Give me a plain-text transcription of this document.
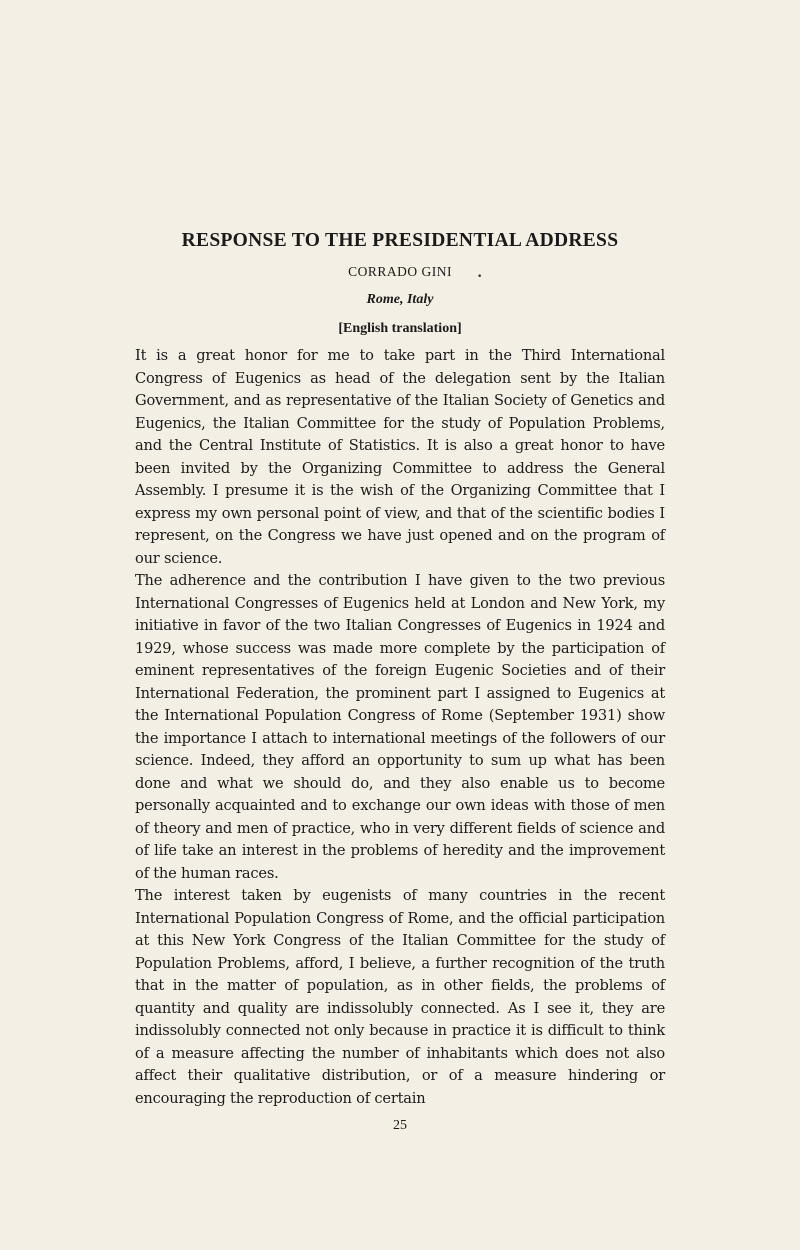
RESPONSE TO THE PRESIDENTIAL ADDRESS
CORRADO GINI
Rome, Italy
[English translation]

It is a great honor for me to take part in the Third International Congress of Eugenics as head of the delegation sent by the Italian Government, and as representative of the Italian Society of Genetics and Eugenics, the Italian Committee for the study of Population Problems, and the Central Institute of Statistics. It is also a great honor to have been invited by the Organizing Committee to address the General Assembly. I presume it is the wish of the Organizing Committee that I express my own personal point of view, and that of the scientific bodies I represent, on the Congress we have just opened and on the program of our science.

The adherence and the contribution I have given to the two previous International Congresses of Eugenics held at London and New York, my initiative in favor of the two Italian Congresses of Eugenics in 1924 and 1929, whose success was made more complete by the participation of eminent representatives of the foreign Eugenic Societies and of their International Federation, the prominent part I assigned to Eugenics at the International Population Congress of Rome (September 1931) show the importance I attach to international meetings of the followers of our science. Indeed, they afford an opportunity to sum up what has been done and what we should do, and they also enable us to become personally acquainted and to exchange our own ideas with those of men of theory and men of practice, who in very different fields of science and of life take an interest in the problems of heredity and the improvement of the human races.

The interest taken by eugenists of many countries in the recent International Population Congress of Rome, and the official participation at this New York Congress of the Italian Committee for the study of Population Problems, afford, I believe, a further recognition of the truth that in the matter of population, as in other fields, the problems of quantity and quality are indissolubly connected. As I see it, they are indissolubly connected not only because in practice it is difficult to think of a measure affecting the number of inhabitants which does not also affect their qualitative distribution, or of a measure hindering or encouraging the reproduction of certain

25
•
